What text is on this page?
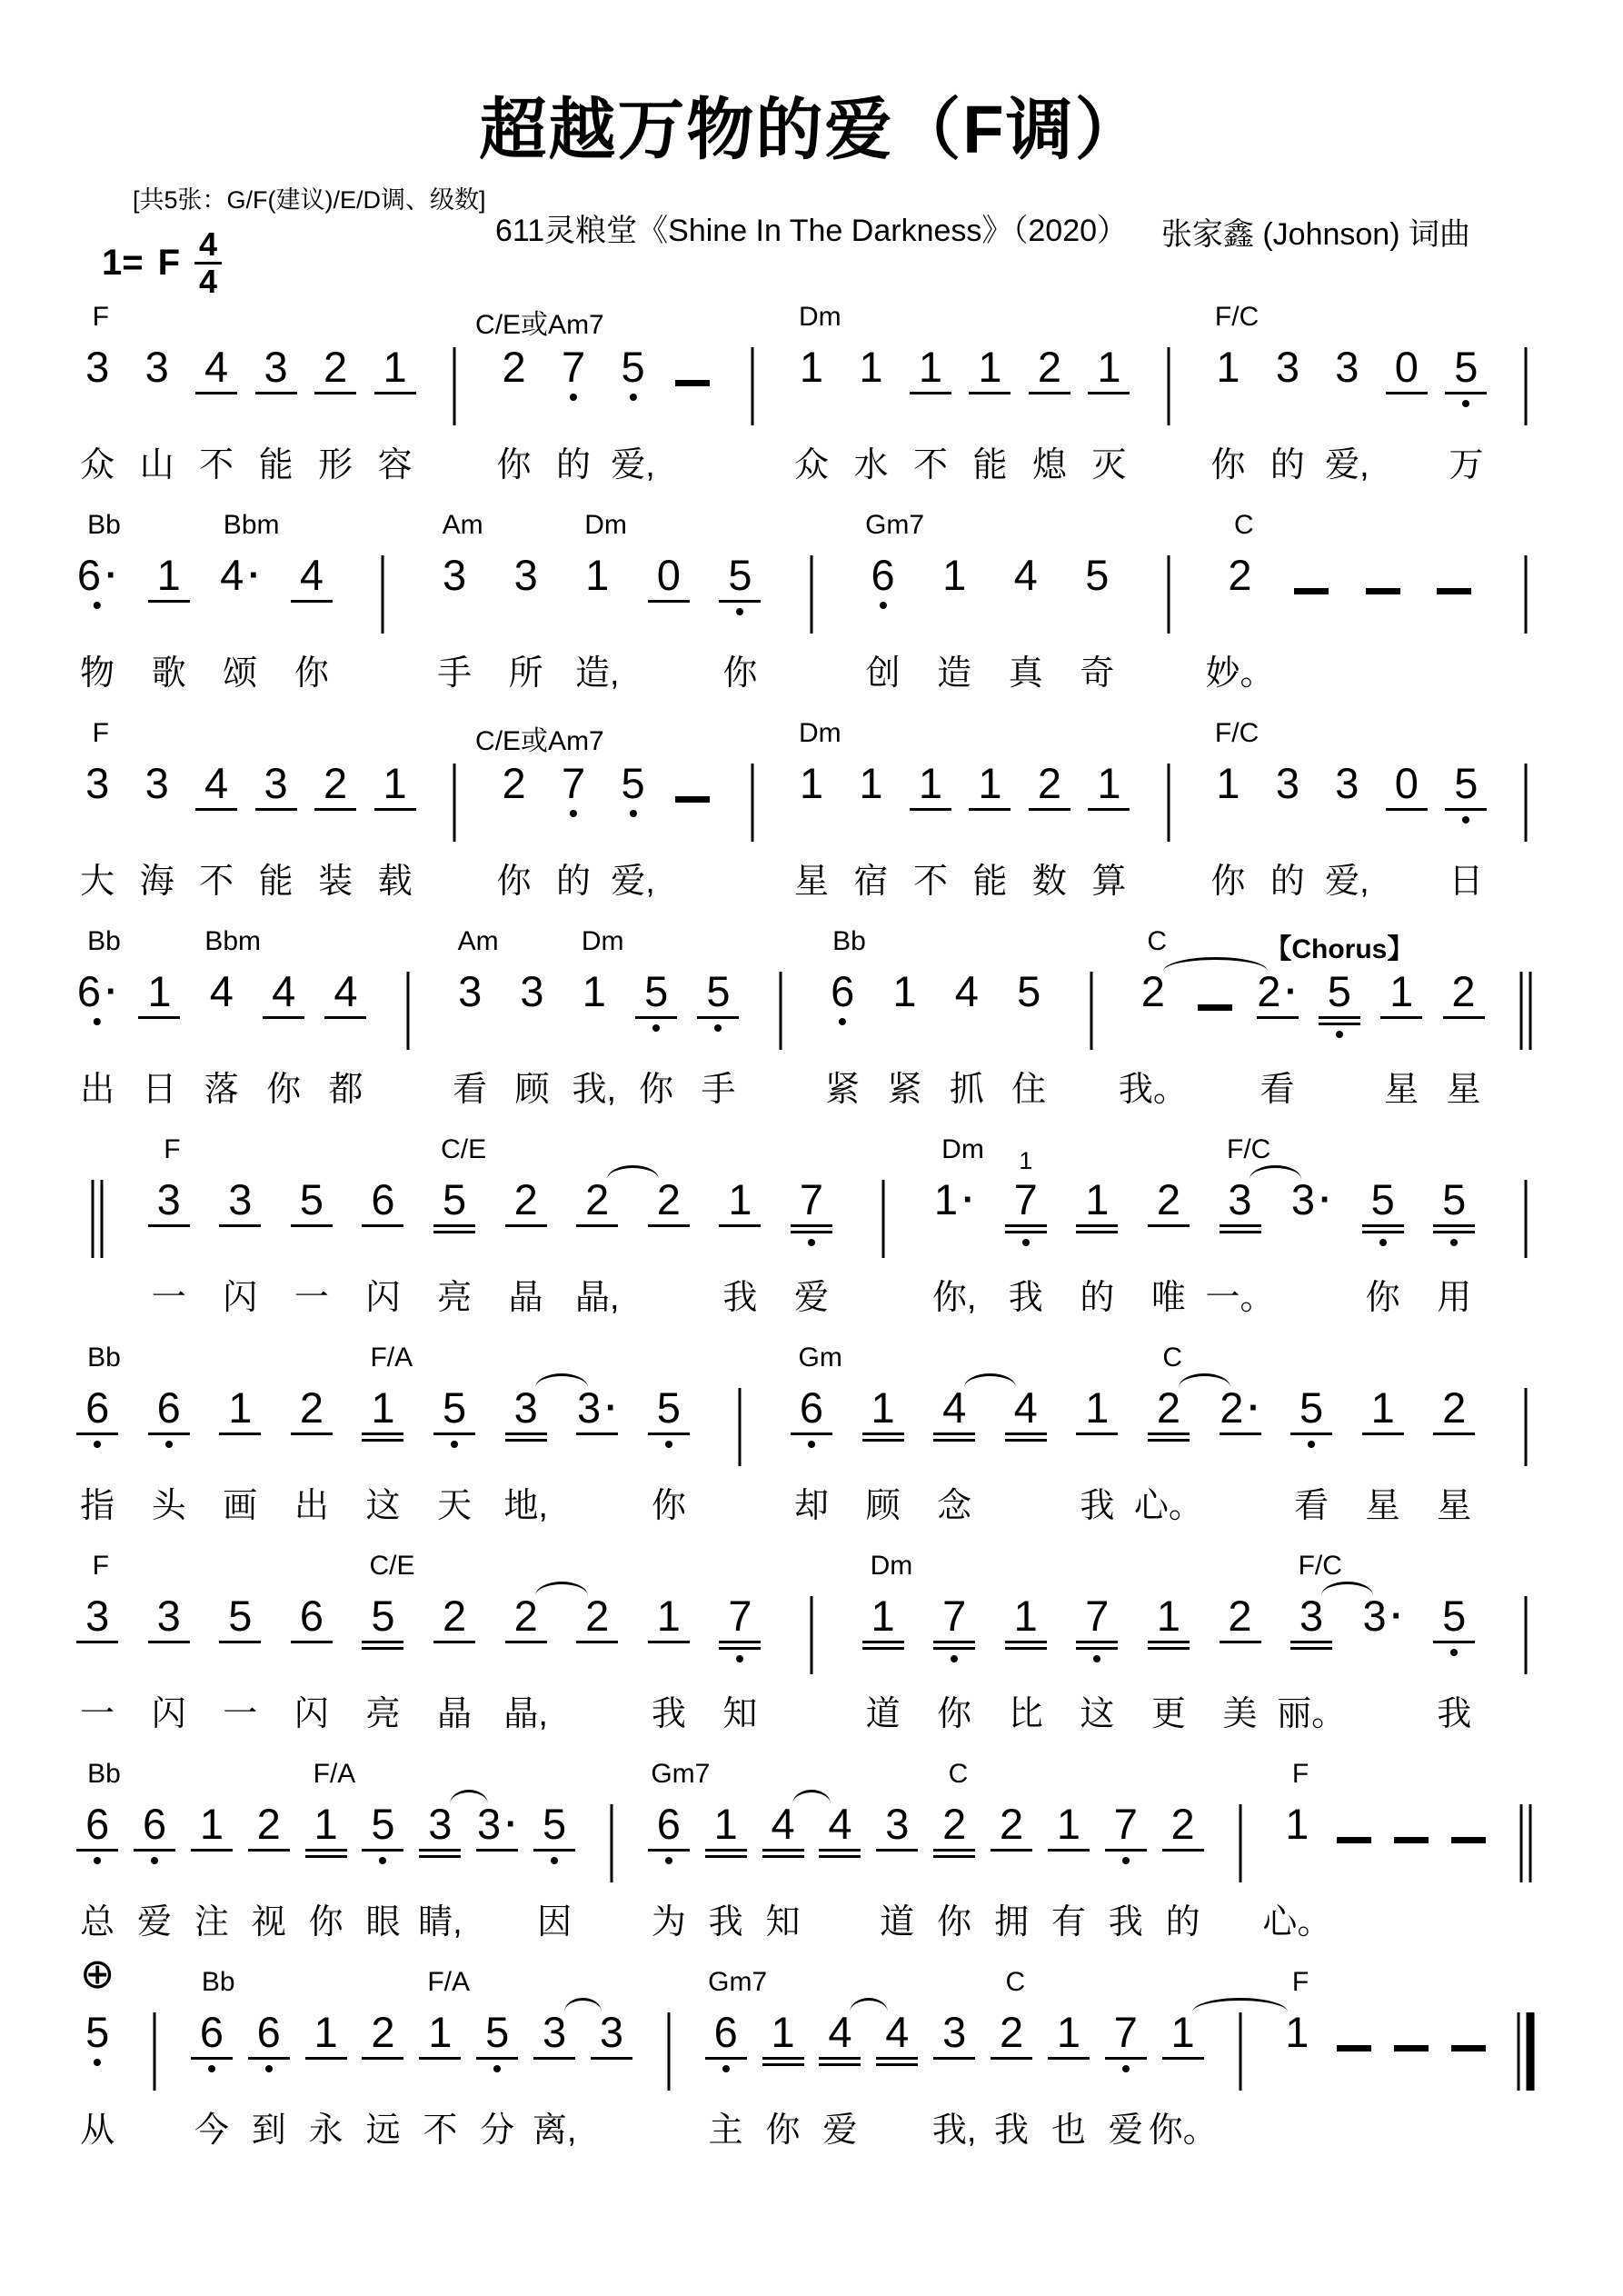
超越万物的爱（F调）
[共5张：G/F(建议)/E/D调、级数]
611灵粮堂《Shine In The Darkness》（2020）	张家鑫 (Johnson) 词曲
1= F $\frac{4}{4}$
F	C/E或Am7	Dm	F/C
3 3 4 3 2 1 2 7 5	1 1 1 1 2 1 1 3 3 0 5
众 山 不 能 形 容 你 的 爱,	众 水 不 能 熄 灭 你 的 爱, 万
Bb	Bbm	Am	Dm	Gm7	C
6 · 1 4 · 4	3 3 1 0 5	6 1 4 5	2
物 歌 颂 你	手 所 造,	你	创 造 真 奇	妙。
F	C/E或Am7	Dm	F/C
3 3 4 3 2 1 2 7 5	1 1 1 1 2 1 1 3 3 0 5
大 海 不 能 装 载 你 的 爱,	星 宿 不 能 数 算 你 的 爱, 日
Bb	Bbm	Am	Dm	Bb	C	【Chorus】
6 · 1 4 4 4 3 3 1 5 5 6 1 4 5 2 2 · 5 1 2
出 日 落 你 都	看 顾 我, 你 手	紧 紧 抓 住 我。 看	星 星
F	C/E	Dm	F/C
3 3 5 6 5 2 2 2 1 7	1 ·
1
7 1 2 3 3 · 5 5
一 闪 一 闪 亮 晶 晶,	我 爱	你, 我 的 唯 一。	你 用
Bb	F/A	Gm	C
6 6 1 2 1 5 3 3 · 5	6 1 4 4 1 2 2 · 5 1 2
指 头 画 出 这 天 地,	你	却 顾 念	我 心。	看 星 星
F	C/E	Dm	F/C
3 3 5 6 5 2 2 2 1 7	1 7 1 7 1 2 3 3 · 5
一 闪 一 闪 亮 晶 晶,	我 知	道 你 比 这 更 美 丽。	我
Bb	F/A	Gm7	C	F
6 6 1 2 1 5 3 3 · 5 6 1 4 4 3 2 2 1 7 2 1
总 爱 注 视 你 眼 睛, 因 为 我 知 道 你 拥 有 我 的 心。
⊕	Bb	F/A	Gm7	C	F
5 6 6 1 2 1 5 3 3 6 1 4 4 3 2 1 7 1 1
从 今 到 永 远 不 分 离,	主 你 爱 我, 我 也 爱 你。
